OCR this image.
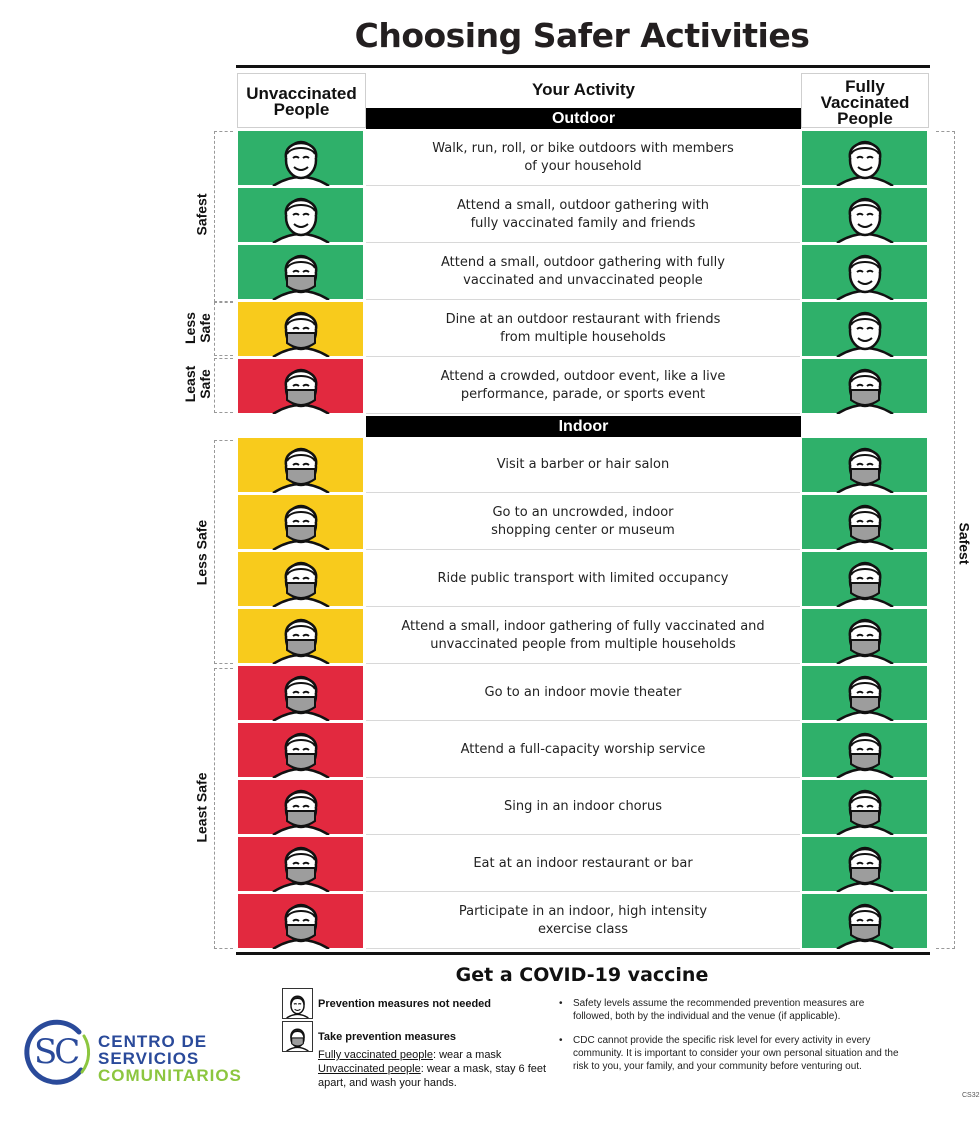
Choosing Safer Activities
Unvaccinated
People
Your Activity	Fully
Vaccinated
People
Outdoor
Indoor
Walk, run, roll, or bike outdoors with members
of your household
Attend a small, outdoor gathering with
fully vaccinated family and friends
Attend a small, outdoor gathering with fully
vaccinated and unvaccinated people
Dine at an outdoor restaurant with friends
from multiple households
Attend a crowded, outdoor event, like a live
performance, parade, or sports event
Visit a barber or hair salon
Go to an uncrowded, indoor
shopping center or museum
Ride public transport with limited occupancy
Attend a small, indoor gathering of fully vaccinated and
unvaccinated people from multiple households
Go to an indoor movie theater
Attend a full-capacity worship service
Sing in an indoor chorus
Eat at an indoor restaurant or bar
Participate in an indoor, high intensity
exercise class
Safest
Less Safe
Least Safe
Less Safe
Least Safe
Safest
Get a COVID-19 vaccine
Prevention measures not needed
Take prevention measures
Fully vaccinated people: wear a mask
Unvaccinated people: wear a mask, stay 6 feet apart, and wash your hands.
• Safety levels assume the recommended prevention measures are followed, both by the individual and the venue (if applicable).
• CDC cannot provide the specific risk level for every activity in every community. It is important to consider your own personal situation and the risk to you, your family, and your community before venturing out.
CS32
SC CENTRO DE
SERVICIOS
COMUNITARIOS
